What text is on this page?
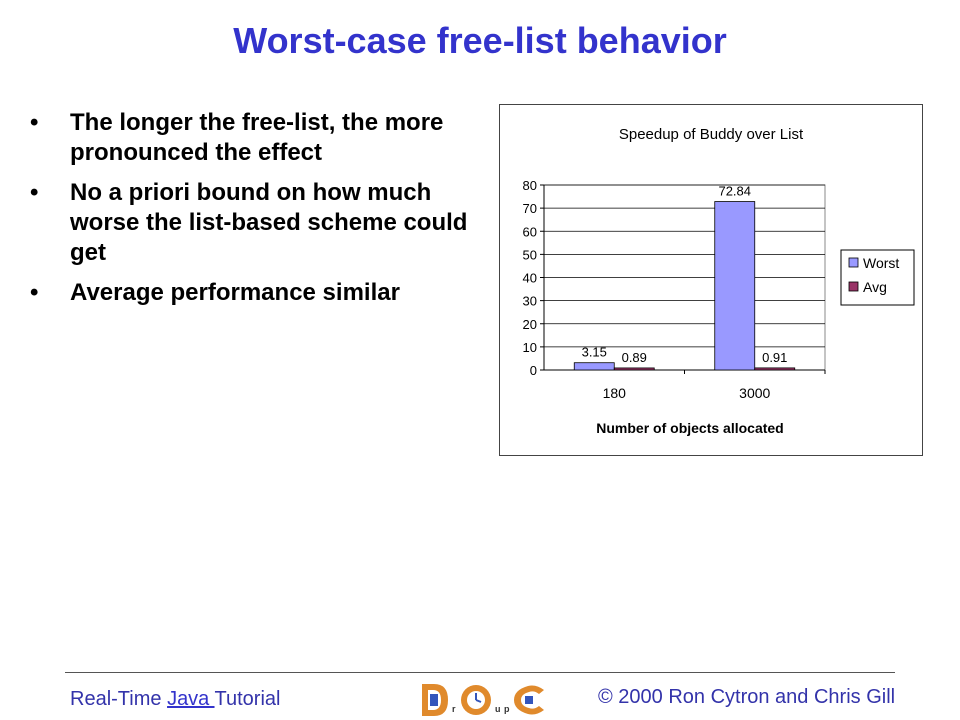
Worst-case free-list behavior
• The longer the free-list, the more pronounced the effect
• No a priori bound on how much worse the list-based scheme could get
• Average performance similar
Speedup of Buddy over List
0
10
20
30
40
50
60
70
80
3.15 0.89
180
72.84
0.91
3000
Number of objects allocated
Worst
Avg
Real-Time Java Tutorial	r	u p
© 2000 Ron Cytron and Chris Gill
